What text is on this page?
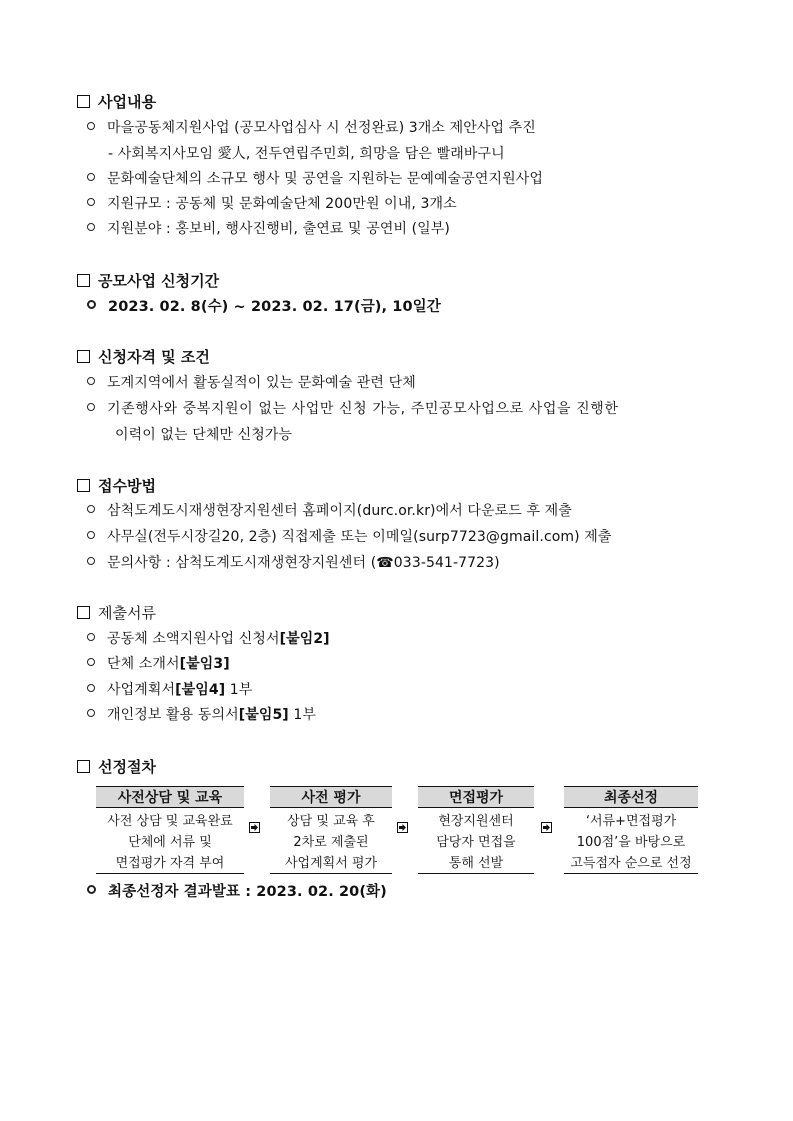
사업내용
마을공동체지원사업 (공모사업심사 시 선정완료) 3개소 제안사업 추진
- 사회복지사모임 愛人, 전두연립주민회, 희망을 담은 빨래바구니
문화예술단체의 소규모 행사 및 공연을 지원하는 문예예술공연지원사업
지원규모 : 공동체 및 문화예술단체 200만원 이내, 3개소
지원분야 : 홍보비, 행사진행비, 출연료 및 공연비 (일부)
공모사업 신청기간
2023. 02. 8(수) ~ 2023. 02. 17(금), 10일간
신청자격 및 조건
도계지역에서 활동실적이 있는 문화예술 관련 단체
기존행사와 중복지원이 없는 사업만 신청 가능, 주민공모사업으로 사업을 진행한
이력이 없는 단체만 신청가능
접수방법
삼척도계도시재생현장지원센터 홈페이지(durc.or.kr)에서 다운로드 후 제출
사무실(전두시장길20, 2층) 직접제출 또는 이메일(surp7723@gmail.com) 제출
문의사항 : 삼척도계도시재생현장지원센터 (☎033-541-7723)
제출서류
공동체 소액지원사업 신청서[붙임2]
단체 소개서[붙임3]
사업계획서[붙임4] 1부
개인정보 활용 동의서[붙임5] 1부
선정절차
사전상담 및 교육
사전 상담 및 교육완료
단체에 서류 및
면접평가 자격 부여
사전 평가
상담 및 교육 후
2차로 제출된
사업계획서 평가
면접평가
현장지원센터
담당자 면접을
통해 선발
최종선정
‘서류+면접평가
100점’을 바탕으로
고득점자 순으로 선정
최종선정자 결과발표 : 2023. 02. 20(화)
